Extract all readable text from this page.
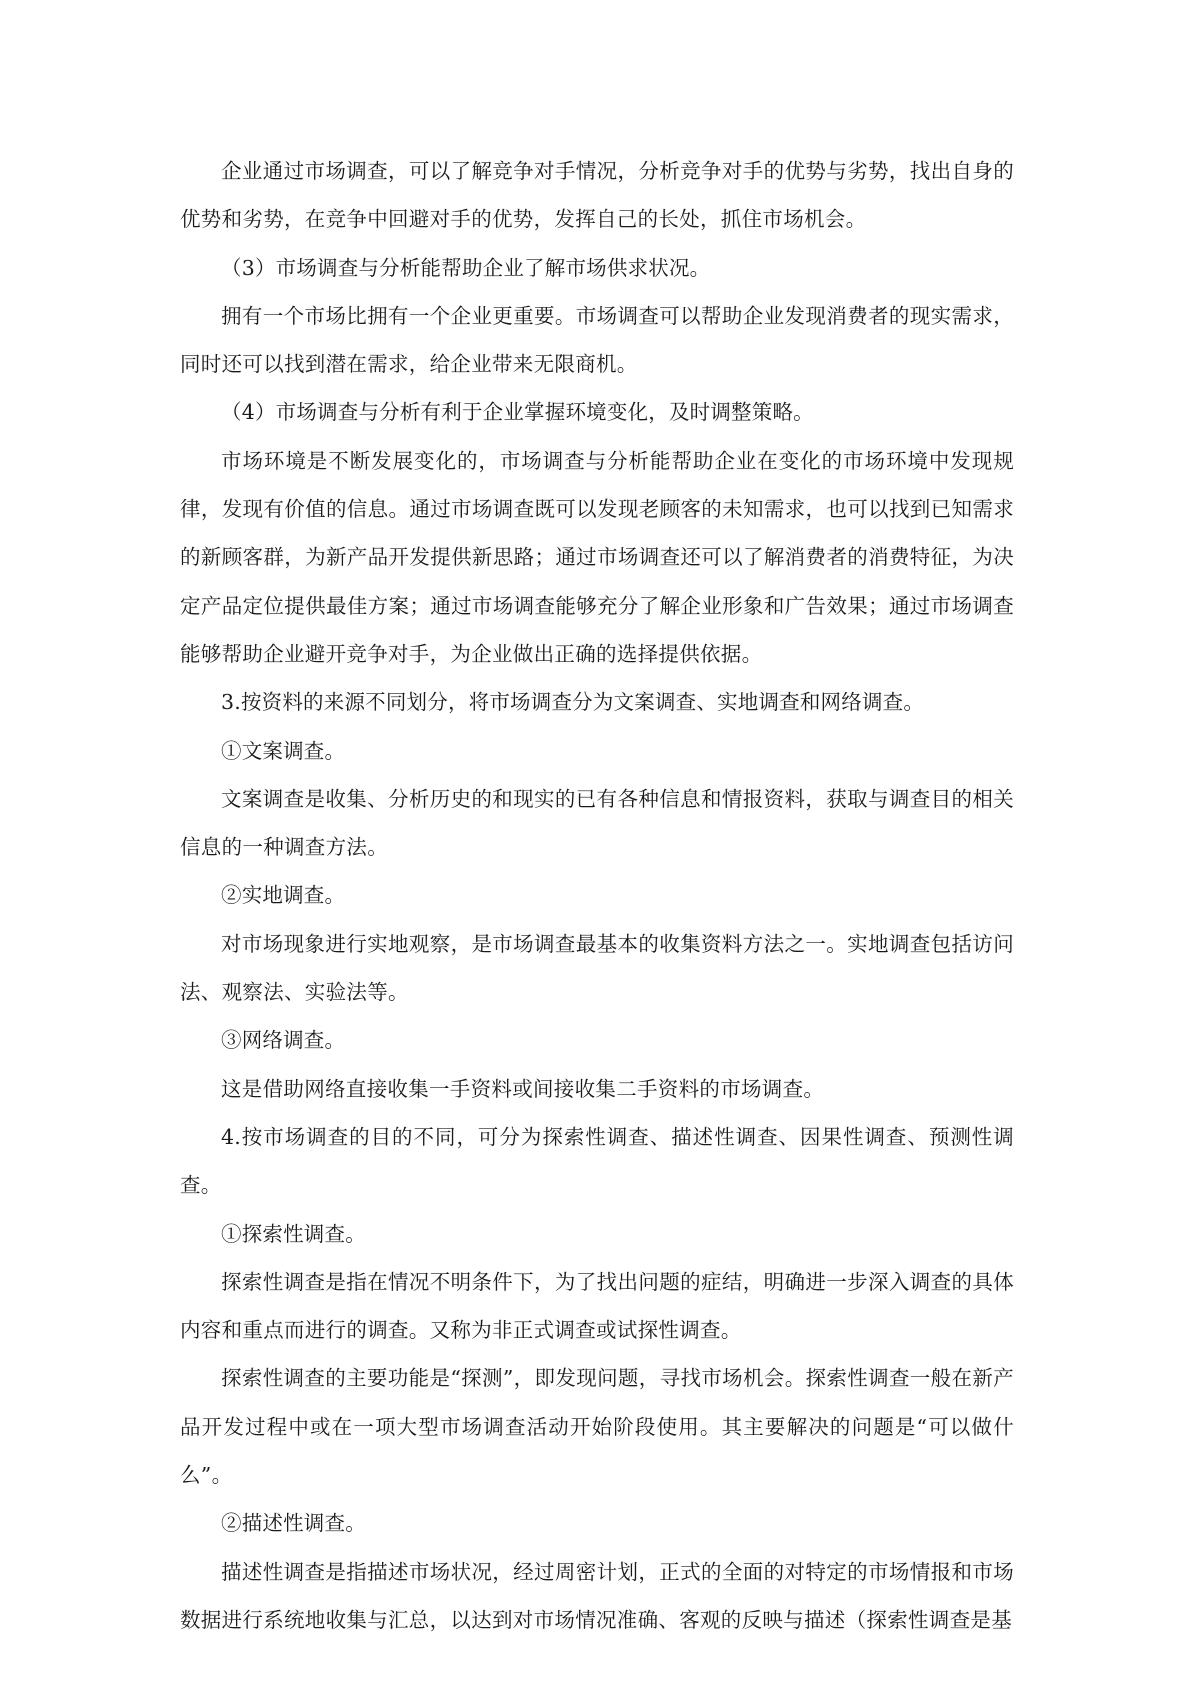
企业通过市场调查，可以了解竞争对手情况，分析竞争对手的优势与劣势，找出自身的优势和劣势，在竞争中回避对手的优势，发挥自己的长处，抓住市场机会。

（3）市场调查与分析能帮助企业了解市场供求状况。

拥有一个市场比拥有一个企业更重要。市场调查可以帮助企业发现消费者的现实需求，同时还可以找到潜在需求，给企业带来无限商机。

（4）市场调查与分析有利于企业掌握环境变化，及时调整策略。

市场环境是不断发展变化的，市场调查与分析能帮助企业在变化的市场环境中发现规律，发现有价值的信息。通过市场调查既可以发现老顾客的未知需求，也可以找到已知需求的新顾客群，为新产品开发提供新思路；通过市场调查还可以了解消费者的消费特征，为决定产品定位提供最佳方案；通过市场调查能够充分了解企业形象和广告效果；通过市场调查能够帮助企业避开竞争对手，为企业做出正确的选择提供依据。

3.按资料的来源不同划分，将市场调查分为文案调查、实地调查和网络调查。

①文案调查。

文案调查是收集、分析历史的和现实的已有各种信息和情报资料，获取与调查目的相关信息的一种调查方法。

②实地调查。

对市场现象进行实地观察，是市场调查最基本的收集资料方法之一。实地调查包括访问法、观察法、实验法等。

③网络调查。

这是借助网络直接收集一手资料或间接收集二手资料的市场调查。

4.按市场调查的目的不同，可分为探索性调查、描述性调查、因果性调查、预测性调查。

①探索性调查。

探索性调查是指在情况不明条件下，为了找出问题的症结，明确进一步深入调查的具体内容和重点而进行的调查。又称为非正式调查或试探性调查。

探索性调查的主要功能是“探测”，即发现问题，寻找市场机会。探索性调查一般在新产品开发过程中或在一项大型市场调查活动开始阶段使用。其主要解决的问题是“可以做什么”。

②描述性调查。

描述性调查是指描述市场状况，经过周密计划，正式的全面的对特定的市场情报和市场数据进行系统地收集与汇总，以达到对市场情况准确、客观的反映与描述（探索性调查是基
